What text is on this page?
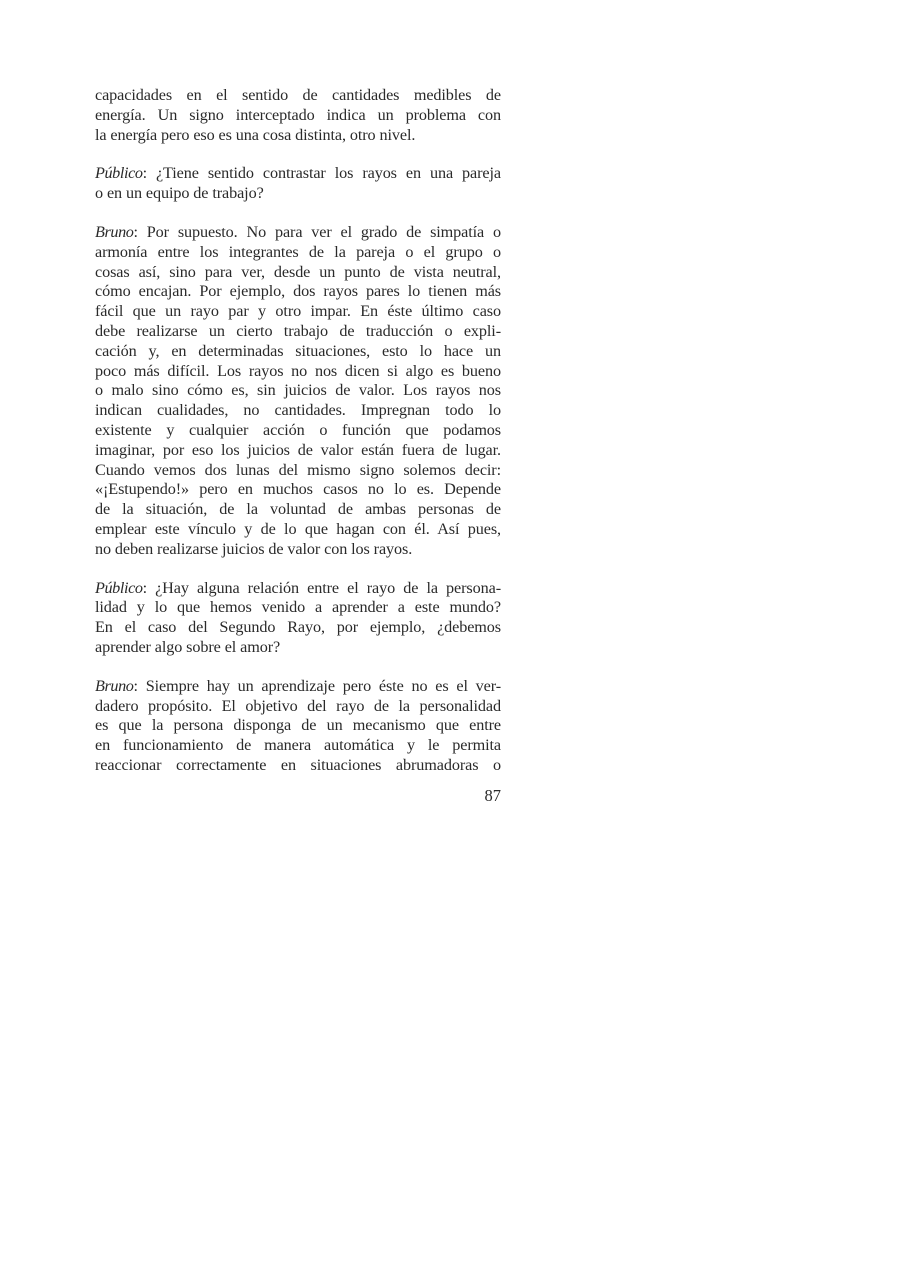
capacidades en el sentido de cantidades medibles de
energía. Un signo interceptado indica un problema con
la energía pero eso es una cosa distinta, otro nivel.

Público: ¿Tiene sentido contrastar los rayos en una pareja
o en un equipo de trabajo?

Bruno: Por supuesto. No para ver el grado de simpatía o
armonía entre los integrantes de la pareja o el grupo o
cosas así, sino para ver, desde un punto de vista neutral,
cómo encajan. Por ejemplo, dos rayos pares lo tienen más
fácil que un rayo par y otro impar. En éste último caso
debe realizarse un cierto trabajo de traducción o expli-
cación y, en determinadas situaciones, esto lo hace un
poco más difícil. Los rayos no nos dicen si algo es bueno
o malo sino cómo es, sin juicios de valor. Los rayos nos
indican cualidades, no cantidades. Impregnan todo lo
existente y cualquier acción o función que podamos
imaginar, por eso los juicios de valor están fuera de lugar.
Cuando vemos dos lunas del mismo signo solemos decir:
«¡Estupendo!» pero en muchos casos no lo es. Depende
de la situación, de la voluntad de ambas personas de
emplear este vínculo y de lo que hagan con él. Así pues,
no deben realizarse juicios de valor con los rayos.

Público: ¿Hay alguna relación entre el rayo de la persona-
lidad y lo que hemos venido a aprender a este mundo?
En el caso del Segundo Rayo, por ejemplo, ¿debemos
aprender algo sobre el amor?

Bruno: Siempre hay un aprendizaje pero éste no es el ver-
dadero propósito. El objetivo del rayo de la personalidad
es que la persona disponga de un mecanismo que entre
en funcionamiento de manera automática y le permita
reaccionar correctamente en situaciones abrumadoras o

87
